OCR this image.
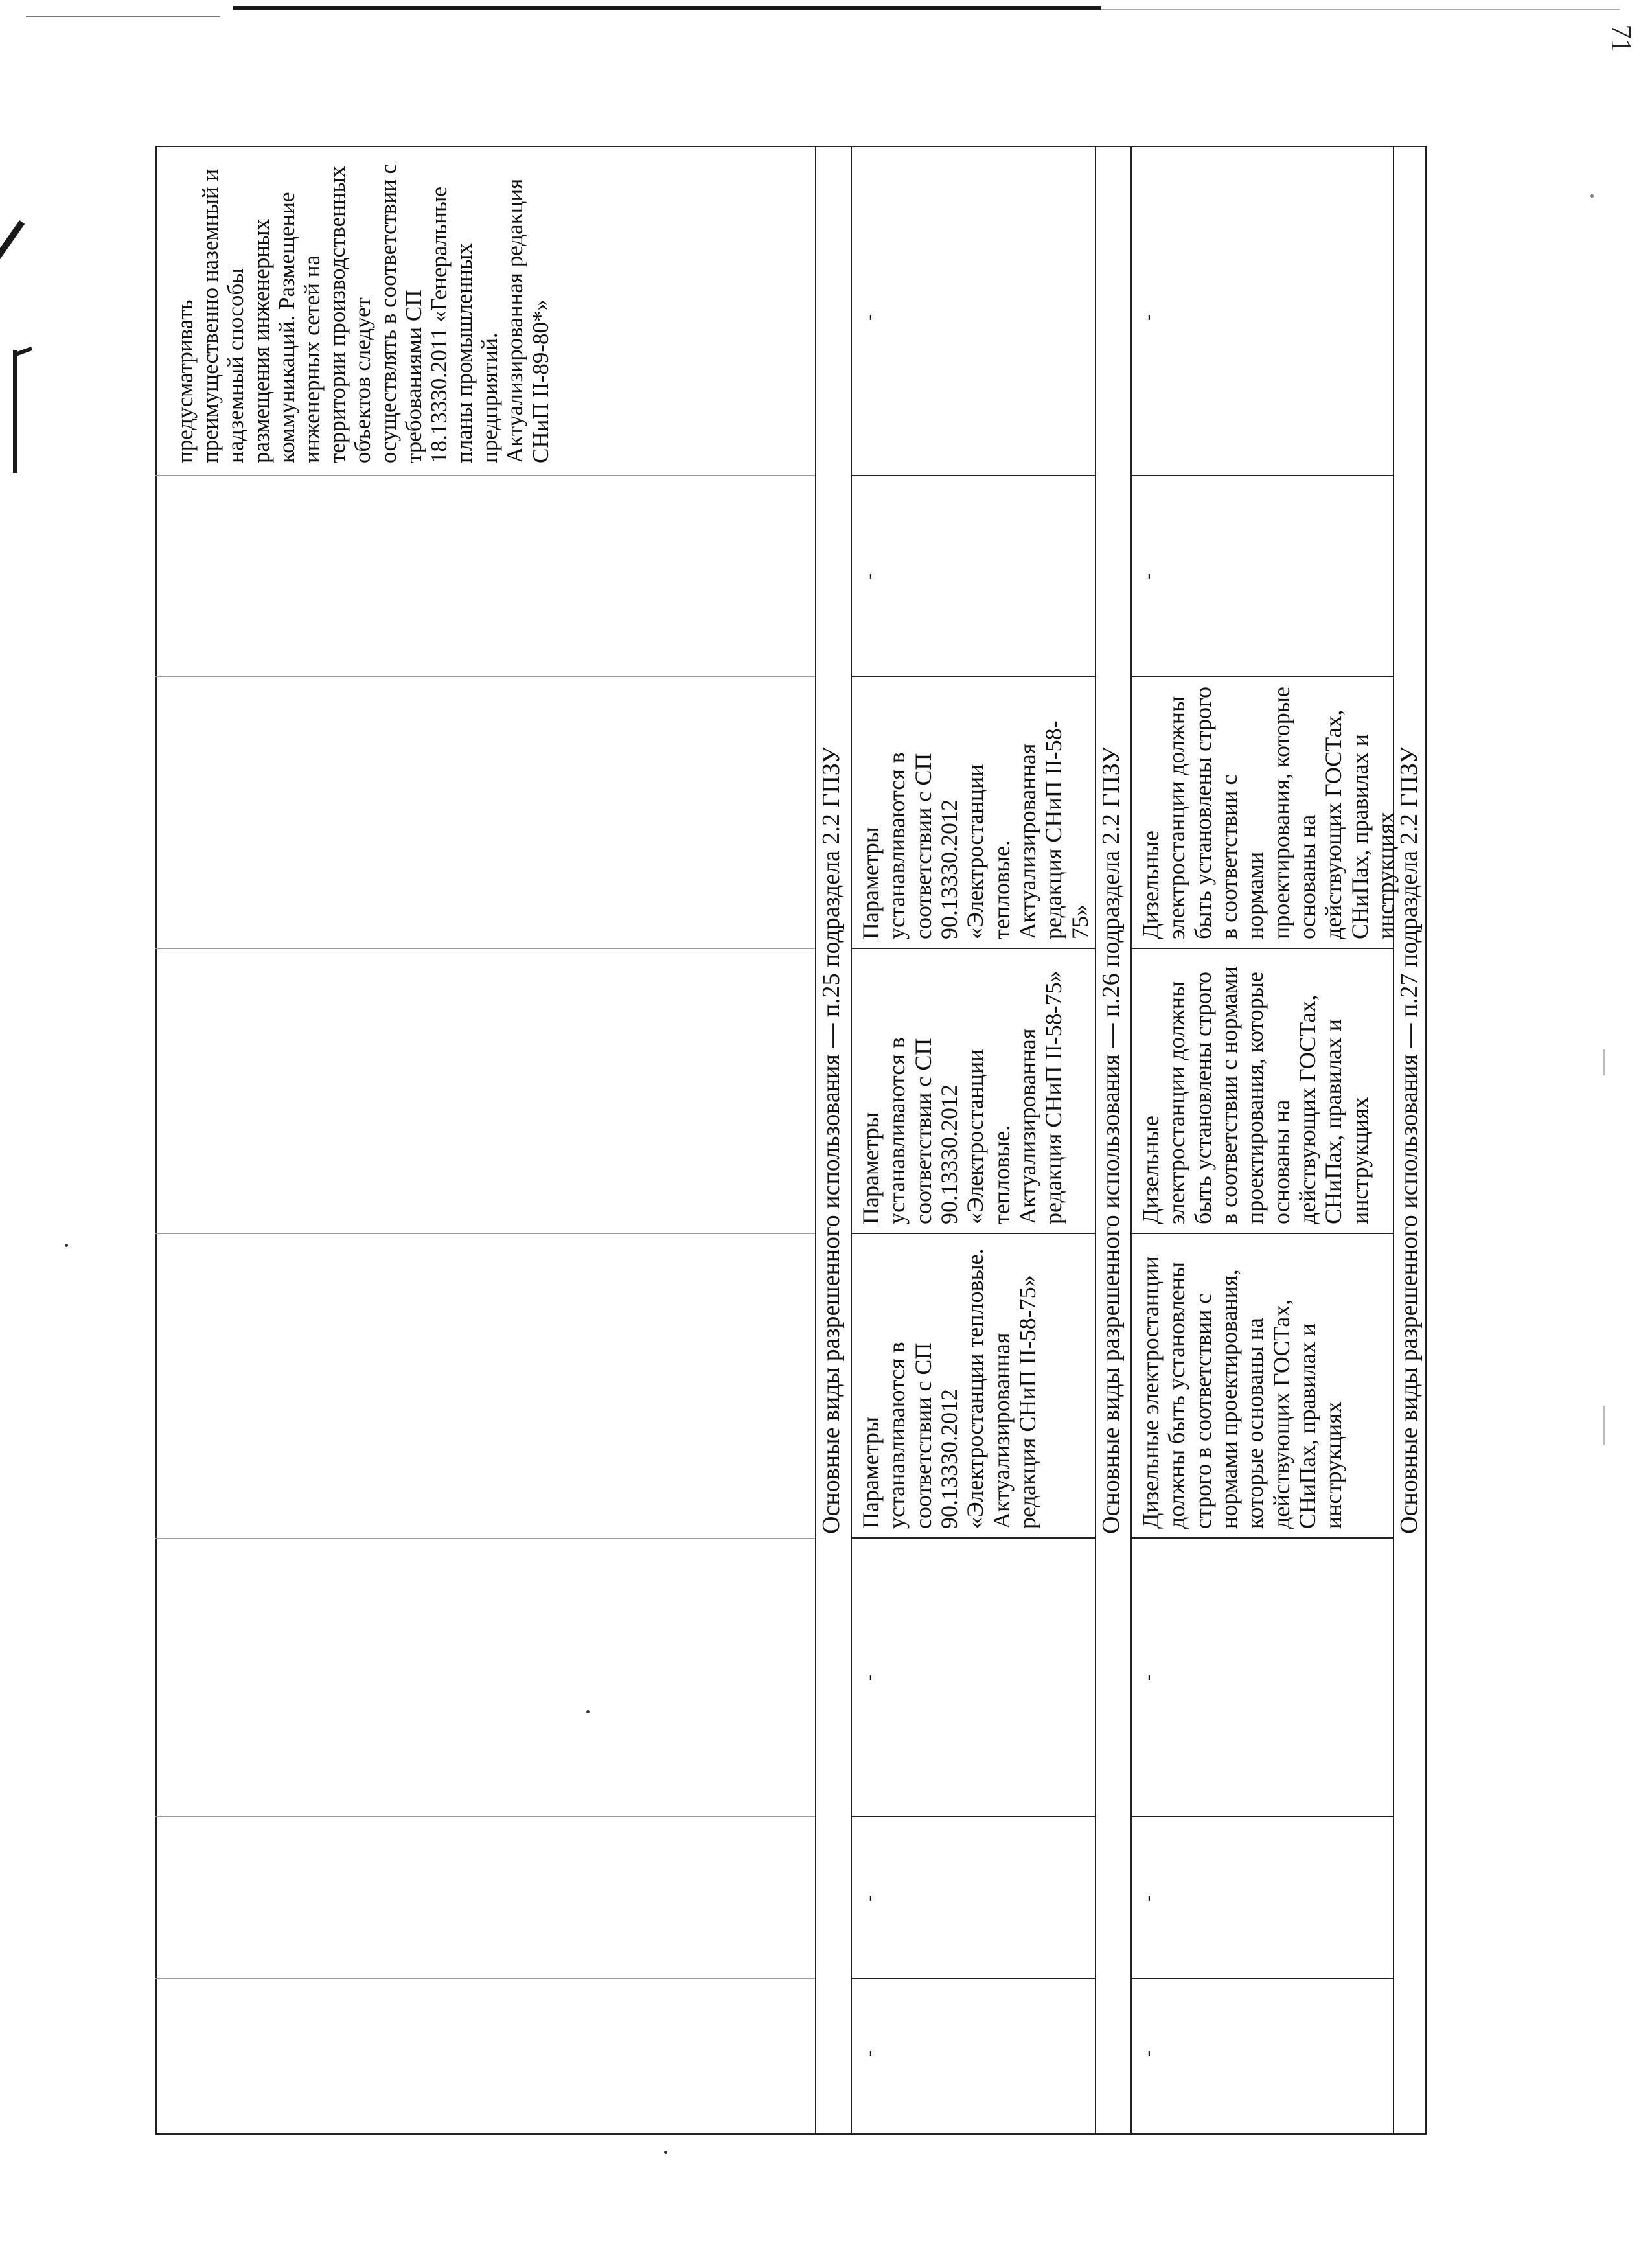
71
предусматривать преимущественно наземный и надземный способы размещения инженерных коммуникаций. Размещение инженерных сетей на территории производственных объектов следует осуществлять в соответствии с требованиями СП 18.13330.2011 «Генеральные планы промышленных предприятий. Актуализированная редакция СНиП II-89-80*»
Основные виды разрешенного использования — п.25 подраздела 2.2 ГПЗУ
-
-
-
Параметры устанавливаются в соответствии с СП 90.13330.2012 «Электростанции тепловые. Актуализированная редакция СНиП II-58-75»
Параметры устанавливаются в соответствии с СП 90.13330.2012 «Электростанции тепловые. Актуализированная редакция СНиП II-58-75»
Параметры устанавливаются в соответствии с СП 90.13330.2012 «Электростанции тепловые. Актуализированная редакция СНиП II-58-75»
-
-
Основные виды разрешенного использования — п.26 подраздела 2.2 ГПЗУ
-
-
-
Дизельные электростанции должны быть установлены строго в соответствии с нормами проектирования, которые основаны на действующих ГОСТах, СНиПах, правилах и инструкциях
Дизельные электростанции должны быть установлены строго в соответствии с нормами проектирования, которые основаны на действующих ГОСТах, СНиПах, правилах и инструкциях
Дизельные электростанции должны быть установлены строго в соответствии с нормами проектирования, которые основаны на действующих ГОСТах, СНиПах, правилах и инструкциях
-
-
Основные виды разрешенного использования — п.27 подраздела 2.2 ГПЗУ
